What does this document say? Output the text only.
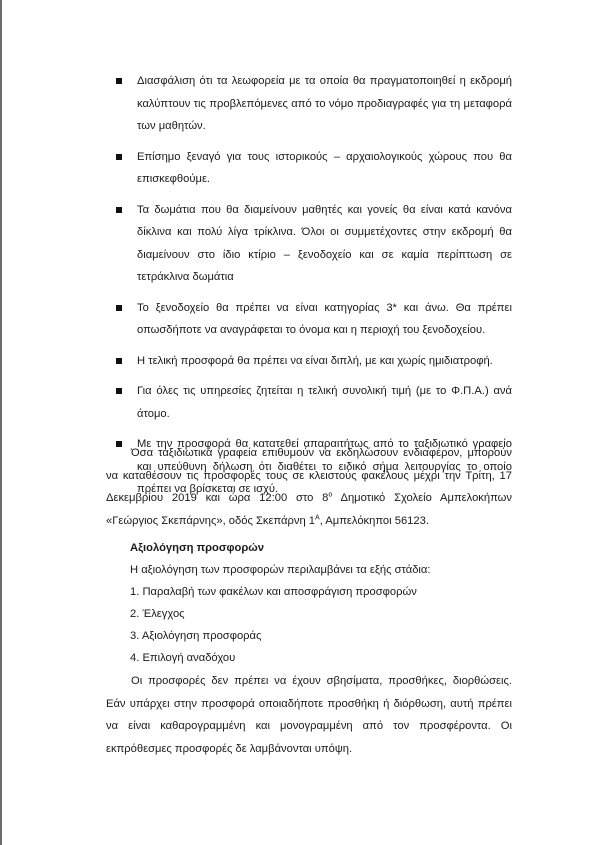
Διασφάλιση ότι τα λεωφορεία με τα οποία θα πραγματοποιηθεί η εκδρομή καλύπτουν τις προβλεπόμενες από το νόμο προδιαγραφές για τη μεταφορά των μαθητών.
Επίσημο ξεναγό για τους ιστορικούς – αρχαιολογικούς χώρους που θα επισκεφθούμε.
Τα δωμάτια που θα διαμείνουν μαθητές και γονείς θα είναι κατά κανόνα δίκλινα και πολύ λίγα τρίκλινα. Όλοι οι συμμετέχοντες στην εκδρομή θα διαμείνουν στο ίδιο κτίριο – ξενοδοχείο και σε καμία περίπτωση σε τετράκλινα δωμάτια
Το ξενοδοχείο θα πρέπει να είναι κατηγορίας 3* και άνω. Θα πρέπει οπωσδήποτε να αναγράφεται το όνομα και η περιοχή του ξενοδοχείου.
Η τελική προσφορά θα πρέπει να είναι διπλή, με και χωρίς ημιδιατροφή.
Για όλες τις υπηρεσίες ζητείται η τελική συνολική τιμή (με το Φ.Π.Α.) ανά άτομο.
Με την προσφορά θα κατατεθεί απαραιτήτως από το ταξιδιωτικό γραφείο και υπεύθυνη δήλωση ότι διαθέτει το ειδικό σήμα λειτουργίας το οποίο πρέπει να βρίσκεται σε ισχύ.
Όσα ταξιδιωτικά γραφεία επιθυμούν να εκδηλώσουν ενδιαφέρον, μπορούν να καταθέσουν τις προσφορές τους σε κλειστούς φακέλους μέχρι την Τρίτη, 17 Δεκεμβρίου 2019 και ώρα 12:00 στο $8^o$ Δημοτικό Σχολείο Αμπελοκήπων «Γεώργιος Σκεπάρνης», οδός Σκεπάρνη $1^A$, Αμπελόκηποι 56123.
Αξιολόγηση προσφορών
Η αξιολόγηση των προσφορών περιλαμβάνει τα εξής στάδια:
1. Παραλαβή των φακέλων και αποσφράγιση προσφορών
2. Έλεγχος
3. Αξιολόγηση προσφοράς
4. Επιλογή αναδόχου
Οι προσφορές δεν πρέπει να έχουν σβησίματα, προσθήκες, διορθώσεις. Εάν υπάρχει στην προσφορά οποιαδήποτε προσθήκη ή διόρθωση, αυτή πρέπει να είναι καθαρογραμμένη και μονογραμμένη από τον προσφέροντα. Οι εκπρόθεσμες προσφορές δε λαμβάνονται υπόψη.
